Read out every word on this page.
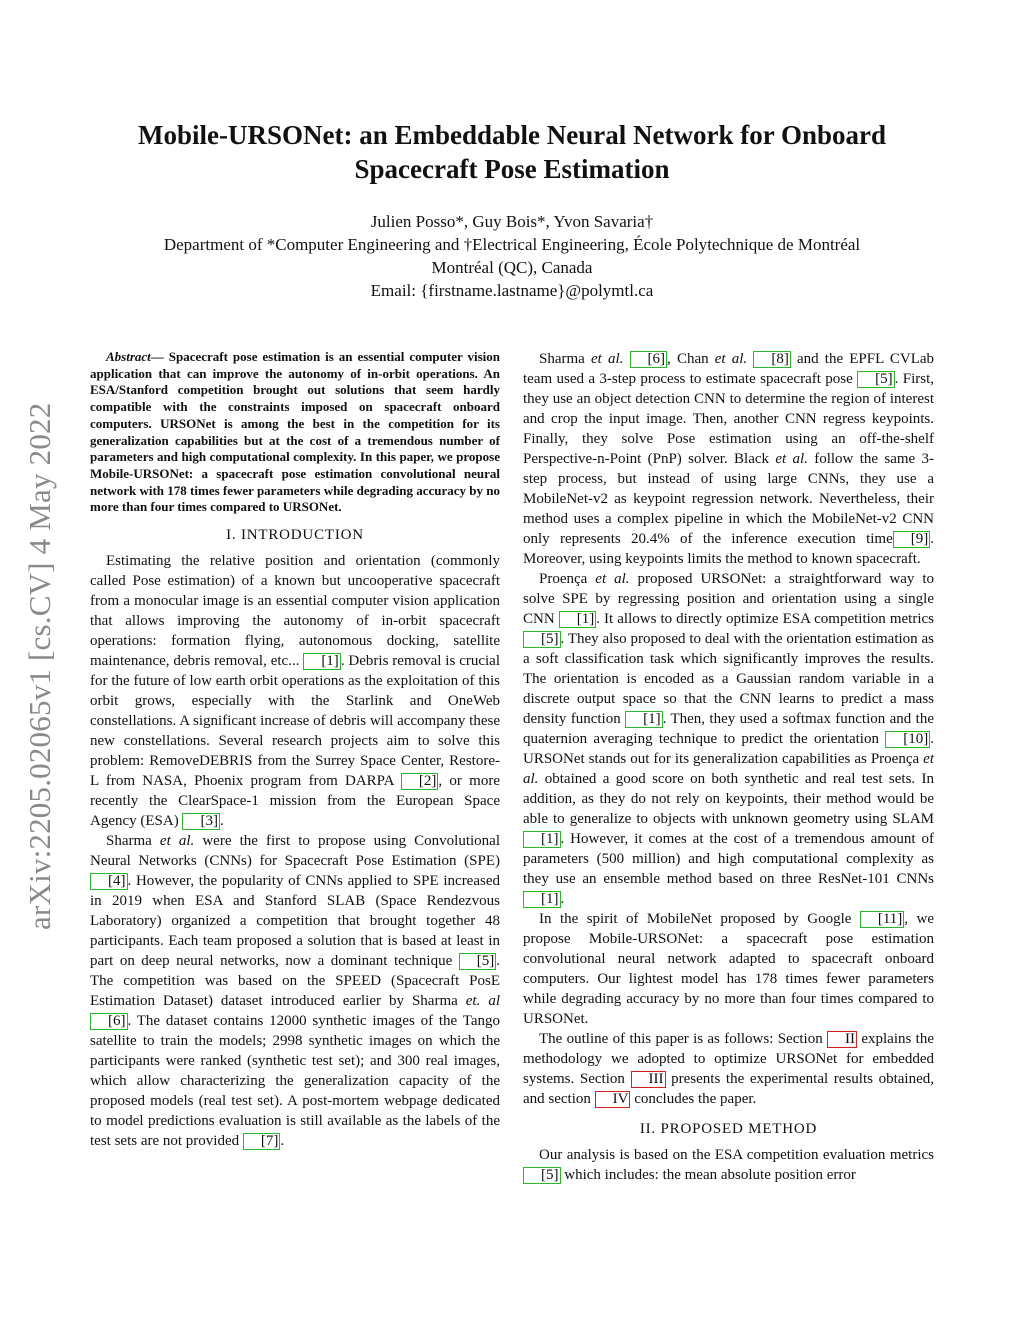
arXiv:2205.02065v1 [cs.CV] 4 May 2022
Mobile-URSONet: an Embeddable Neural Network for Onboard
Spacecraft Pose Estimation
Julien Posso*, Guy Bois*, Yvon Savaria†
Department of *Computer Engineering and †Electrical Engineering, École Polytechnique de Montréal
Montréal (QC), Canada
Email: {firstname.lastname}@polymtl.ca

Abstract— Spacecraft pose estimation is an essential computer vision application that can improve the autonomy of in-orbit operations. An ESA/Stanford competition brought out solutions that seem hardly compatible with the constraints imposed on spacecraft onboard computers. URSONet is among the best in the competition for its generalization capabilities but at the cost of a tremendous number of parameters and high computational complexity. In this paper, we propose Mobile-URSONet: a spacecraft pose estimation convolutional neural network with 178 times fewer parameters while degrading accuracy by no more than four times compared to URSONet.

I. INTRODUCTION

Estimating the relative position and orientation (commonly called Pose estimation) of a known but uncooperative spacecraft from a monocular image is an essential computer vision application that allows improving the autonomy of in-orbit spacecraft operations: formation flying, autonomous docking, satellite maintenance, debris removal, etc... [1] . Debris removal is crucial for the future of low earth orbit operations as the exploitation of this orbit grows, especially with the Starlink and OneWeb constellations. A significant increase of debris will accompany these new constellations. Several research projects aim to solve this problem: RemoveDEBRIS from the Surrey Space Center, Restore-L from NASA, Phoenix program from DARPA [2] , or more recently the ClearSpace-1 mission from the European Space Agency (ESA) [3] .

Sharma et al. were the first to propose using Convolutional Neural Networks (CNNs) for Spacecraft Pose Estimation (SPE) [4] . However, the popularity of CNNs applied to SPE increased in 2019 when ESA and Stanford SLAB (Space Rendezvous Laboratory) organized a competition that brought together 48 participants. Each team proposed a solution that is based at least in part on deep neural networks, now a dominant technique [5] . The competition was based on the SPEED (Spacecraft PosE Estimation Dataset) dataset introduced earlier by Sharma et. al [6] . The dataset contains 12000 synthetic images of the Tango satellite to train the models; 2998 synthetic images on which the participants were ranked (synthetic test set); and 300 real images, which allow characterizing the generalization capacity of the proposed models (real test set). A post-mortem webpage dedicated to model predictions evaluation is still available as the labels of the test sets are not provided [7] .

Sharma et al. [6] , Chan et al. [8] and the EPFL CVLab team used a 3-step process to estimate spacecraft pose [5] . First, they use an object detection CNN to determine the region of interest and crop the input image. Then, another CNN regress keypoints. Finally, they solve Pose estimation using an off-the-shelf Perspective-n-Point (PnP) solver. Black et al. follow the same 3-step process, but instead of using large CNNs, they use a MobileNet-v2 as keypoint regression network. Nevertheless, their method uses a complex pipeline in which the MobileNet-v2 CNN only represents 20.4% of the inference execution time [9] . Moreover, using keypoints limits the method to known spacecraft.

Proença et al. proposed URSONet: a straightforward way to solve SPE by regressing position and orientation using a single CNN [1] . It allows to directly optimize ESA competition metrics [5] . They also proposed to deal with the orientation estimation as a soft classification task which significantly improves the results. The orientation is encoded as a Gaussian random variable in a discrete output space so that the CNN learns to predict a mass density function [1] . Then, they used a softmax function and the quaternion averaging technique to predict the orientation [10] . URSONet stands out for its generalization capabilities as Proença et al. obtained a good score on both synthetic and real test sets. In addition, as they do not rely on keypoints, their method would be able to generalize to objects with unknown geometry using SLAM [1] . However, it comes at the cost of a tremendous amount of parameters (500 million) and high computational complexity as they use an ensemble method based on three ResNet-101 CNNs [1] .

In the spirit of MobileNet proposed by Google [11] , we propose Mobile-URSONet: a spacecraft pose estimation convolutional neural network adapted to spacecraft onboard computers. Our lightest model has 178 times fewer parameters while degrading accuracy by no more than four times compared to URSONet.

The outline of this paper is as follows: Section II explains the methodology we adopted to optimize URSONet for embedded systems. Section III presents the experimental results obtained, and section IV concludes the paper.

II. PROPOSED METHOD

Our analysis is based on the ESA competition evaluation metrics [5] which includes: the mean absolute position error
